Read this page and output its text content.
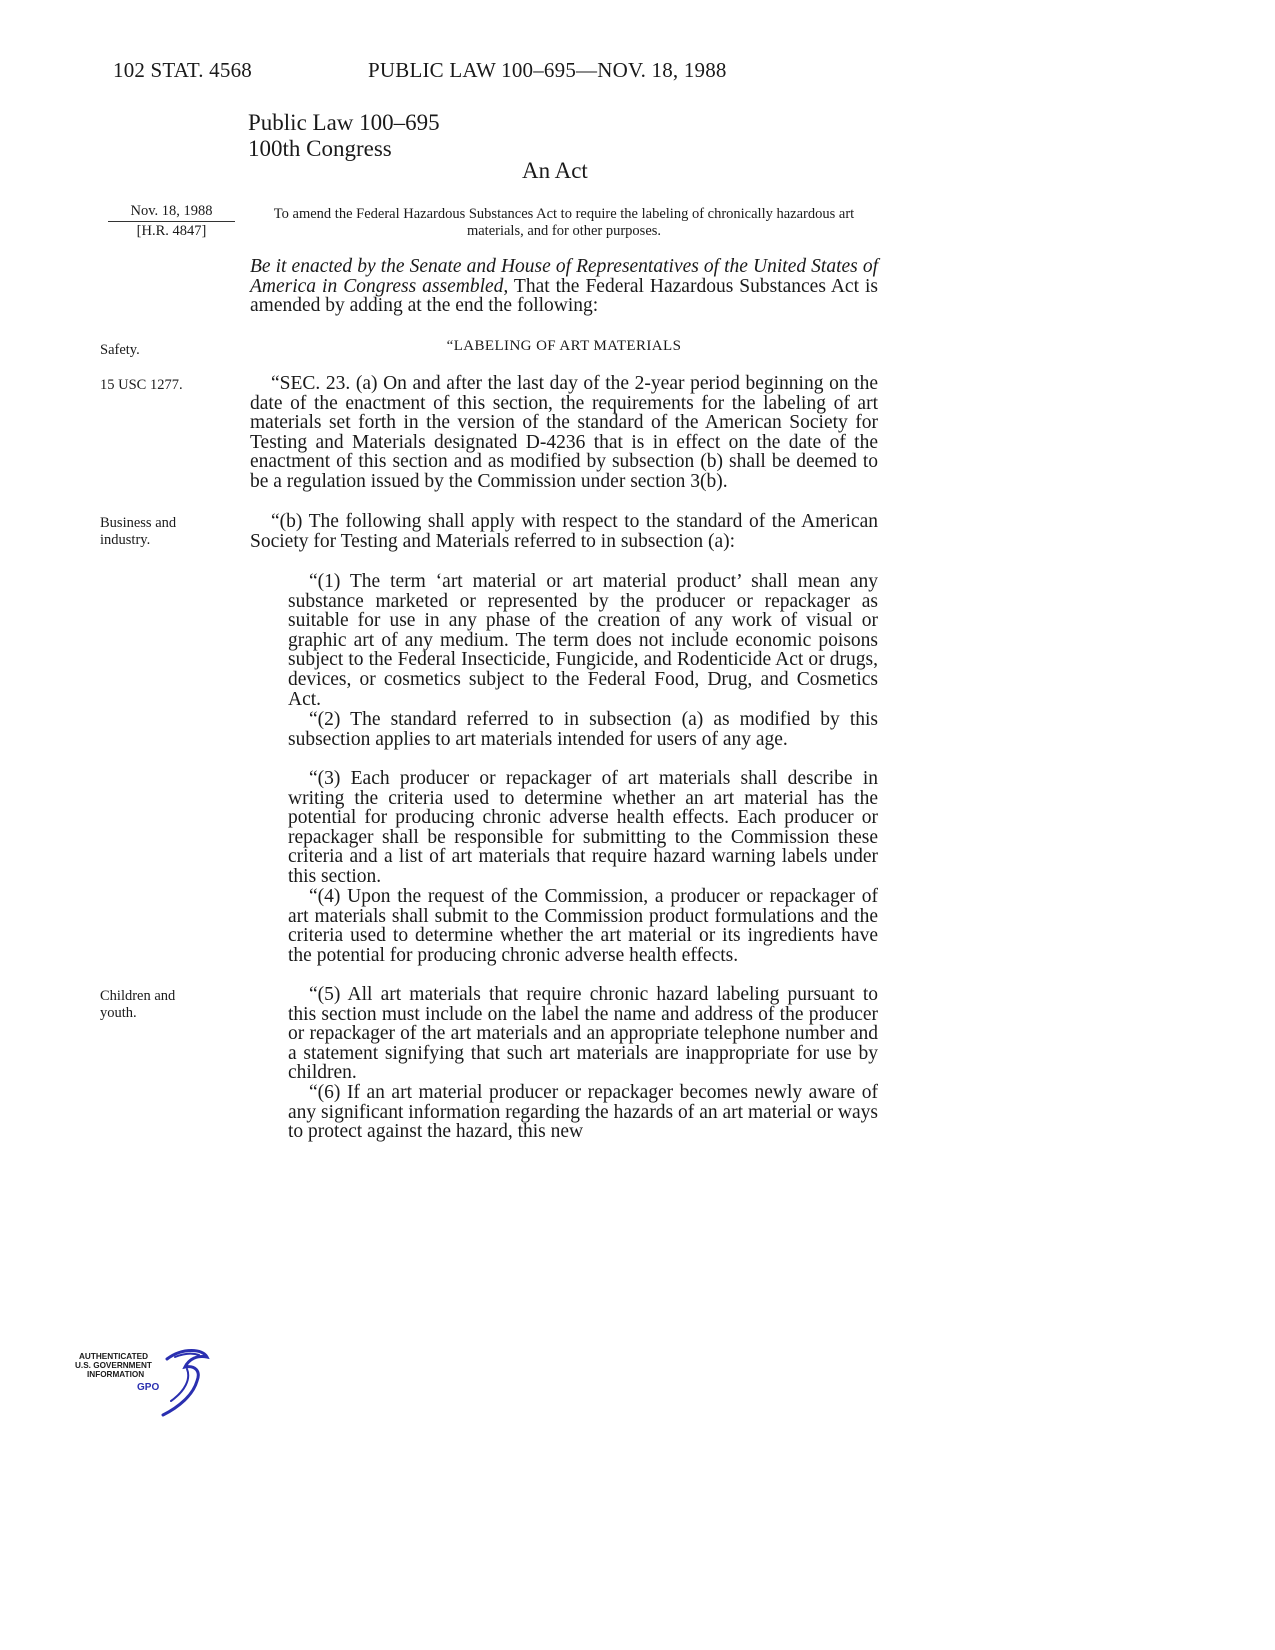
102 STAT. 4568	PUBLIC LAW 100–695—NOV. 18, 1988
Public Law 100–695
100th Congress
An Act
Nov. 18, 1988
[H.R. 4847]
To amend the Federal Hazardous Substances Act to require the labeling of chronically hazardous art materials, and for other purposes.
Be it enacted by the Senate and House of Representatives of the United States of America in Congress assembled, That the Federal Hazardous Substances Act is amended by adding at the end the following:
Safety.	“LABELING OF ART MATERIALS
15 USC 1277.	“SEC. 23. (a) On and after the last day of the 2-year period beginning on the date of the enactment of this section, the requirements for the labeling of art materials set forth in the version of the standard of the American Society for Testing and Materials designated D-4236 that is in effect on the date of the enactment of this section and as modified by subsection (b) shall be deemed to be a regulation issued by the Commission under section 3(b).
Business and industry.
“(b) The following shall apply with respect to the standard of the American Society for Testing and Materials referred to in subsection (a):
“(1) The term ‘art material or art material product’ shall mean any substance marketed or represented by the producer or repackager as suitable for use in any phase of the creation of any work of visual or graphic art of any medium. The term does not include economic poisons subject to the Federal Insecticide, Fungicide, and Rodenticide Act or drugs, devices, or cosmetics subject to the Federal Food, Drug, and Cosmetics Act.
“(2) The standard referred to in subsection (a) as modified by this subsection applies to art materials intended for users of any age.
“(3) Each producer or repackager of art materials shall describe in writing the criteria used to determine whether an art material has the potential for producing chronic adverse health effects. Each producer or repackager shall be responsible for submitting to the Commission these criteria and a list of art materials that require hazard warning labels under this section.
“(4) Upon the request of the Commission, a producer or repackager of art materials shall submit to the Commission product formulations and the criteria used to determine whether the art material or its ingredients have the potential for producing chronic adverse health effects.
Children and youth.
“(5) All art materials that require chronic hazard labeling pursuant to this section must include on the label the name and address of the producer or repackager of the art materials and an appropriate telephone number and a statement signifying that such art materials are inappropriate for use by children.
“(6) If an art material producer or repackager becomes newly aware of any significant information regarding the hazards of an art material or ways to protect against the hazard, this new
AUTHENTICATED
U.S. GOVERNMENT
INFORMATION
GPO
